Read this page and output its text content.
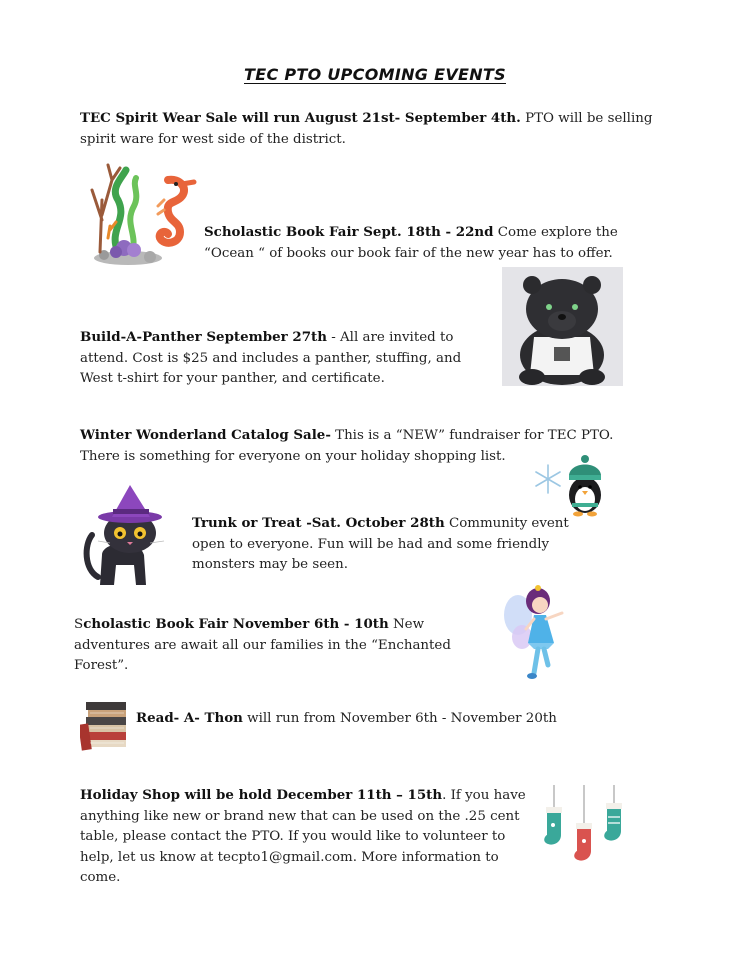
TEC PTO UPCOMING EVENTS
TEC Spirit Wear Sale will run August 21st- September 4th. PTO will be selling spirit ware for west side of the district.
Scholastic Book Fair Sept. 18th - 22nd Come explore the “Ocean “ of books our book fair of the new year has to offer.
Build-A-Panther September 27th - All are invited to attend. Cost is $25 and includes a panther, stuffing, and West t-shirt for your panther, and certificate.
Winter Wonderland Catalog Sale- This is a “NEW” fundraiser for TEC PTO. There is something for everyone on your holiday shopping list.
Trunk or Treat -Sat. October 28th Community event open to everyone. Fun will be had and some friendly monsters may be seen.
Scholastic Book Fair November 6th - 10th New adventures are await all our families in the “Enchanted Forest”.
Read- A- Thon will run from November 6th - November 20th
Holiday Shop will be hold December 11th – 15th. If you have anything like new or brand new that can be used on the .25 cent table, please contact the PTO. If you would like to volunteer to help, let us know at tecpto1@gmail.com. More information to come.
